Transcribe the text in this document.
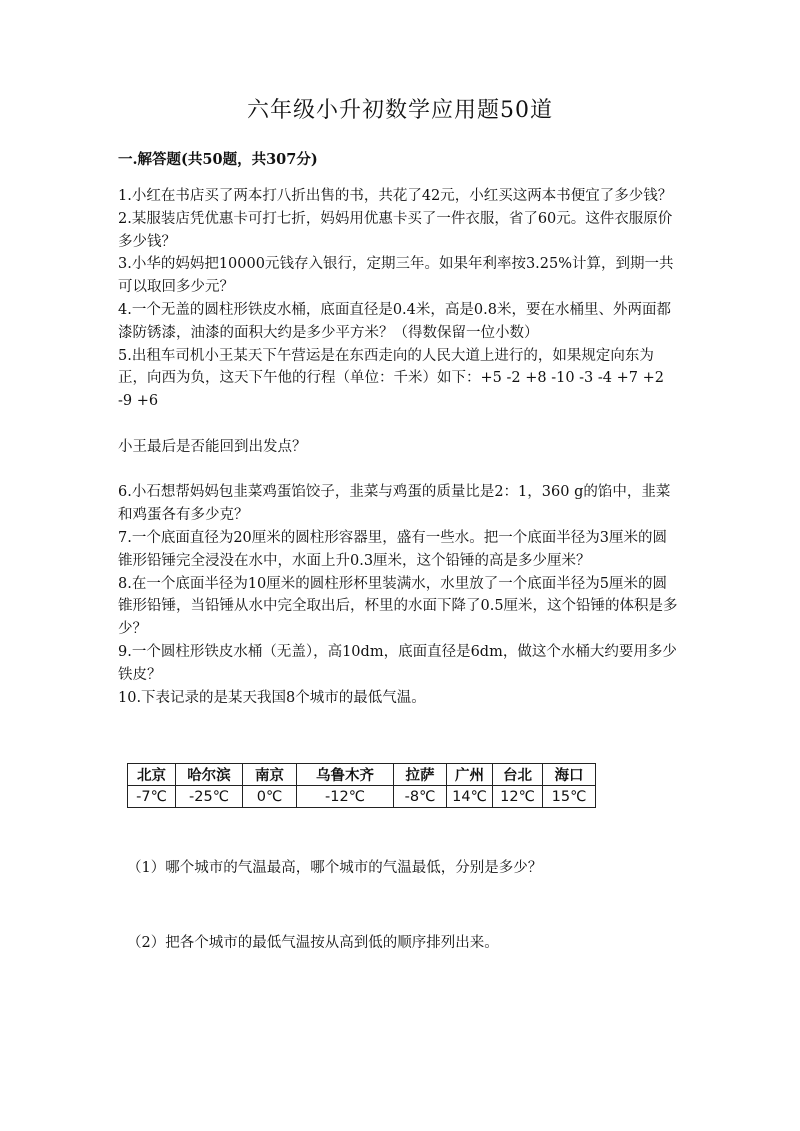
六年级小升初数学应用题50道
一.解答题(共50题，共307分)

1.小红在书店买了两本打八折出售的书，共花了42元，小红买这两本书便宜了多少钱？

2.某服装店凭优惠卡可打七折，妈妈用优惠卡买了一件衣服，省了60元。这件衣服原价多少钱？

3.小华的妈妈把10000元钱存入银行，定期三年。如果年利率按3.25%计算，到期一共可以取回多少元？

4.一个无盖的圆柱形铁皮水桶，底面直径是0.4米，高是0.8米，要在水桶里、外两面都漆防锈漆，油漆的面积大约是多少平方米？（得数保留一位小数）

5.出租车司机小王某天下午营运是在东西走向的人民大道上进行的，如果规定向东为正，向西为负，这天下午他的行程（单位：千米）如下：+5 -2 +8 -10 -3 -4 +7 +2 -9 +6

小王最后是否能回到出发点？

6.小石想帮妈妈包韭菜鸡蛋馅饺子，韭菜与鸡蛋的质量比是2：1，360 g的馅中，韭菜和鸡蛋各有多少克？

7.一个底面直径为20厘米的圆柱形容器里，盛有一些水。把一个底面半径为3厘米的圆锥形铅锤完全浸没在水中，水面上升0.3厘米，这个铅锤的高是多少厘米？

8.在一个底面半径为10厘米的圆柱形杯里装满水，水里放了一个底面半径为5厘米的圆锥形铅锤，当铅锤从水中完全取出后，杯里的水面下降了0.5厘米，这个铅锤的体积是多少？

9.一个圆柱形铁皮水桶（无盖），高10dm，底面直径是6dm，做这个水桶大约要用多少铁皮？

10.下表记录的是某天我国8个城市的最低气温。

北京	哈尔滨	南京	乌鲁木齐	拉萨	广州	台北	海口
-7℃	-25℃	0℃	-12℃	-8℃	14℃	12℃	15℃
（1）哪个城市的气温最高，哪个城市的气温最低，分别是多少？
（2）把各个城市的最低气温按从高到低的顺序排列出来。
